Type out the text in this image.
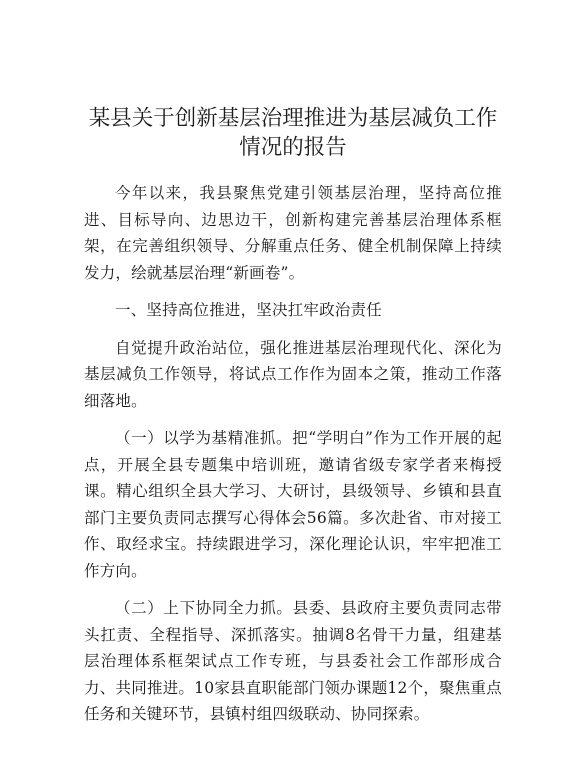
某县关于创新基层治理推进为基层减负工作情况的报告

今年以来，我县聚焦党建引领基层治理，坚持高位推进、目标导向、边思边干，创新构建完善基层治理体系框架，在完善组织领导、分解重点任务、健全机制保障上持续发力，绘就基层治理“新画卷”。

一、坚持高位推进，坚决扛牢政治责任

自觉提升政治站位，强化推进基层治理现代化、深化为基层减负工作领导，将试点工作作为固本之策，推动工作落细落地。

（一）以学为基精准抓。把“学明白”作为工作开展的起点，开展全县专题集中培训班，邀请省级专家学者来梅授课。精心组织全县大学习、大研讨，县级领导、乡镇和县直部门主要负责同志撰写心得体会56篇。多次赴省、市对接工作、取经求宝。持续跟进学习，深化理论认识，牢牢把准工作方向。

（二）上下协同全力抓。县委、县政府主要负责同志带头扛责、全程指导、深抓落实。抽调8名骨干力量，组建基层治理体系框架试点工作专班，与县委社会工作部形成合力、共同推进。10家县直职能部门领办课题12个，聚焦重点任务和关键环节，县镇村组四级联动、协同探索。
